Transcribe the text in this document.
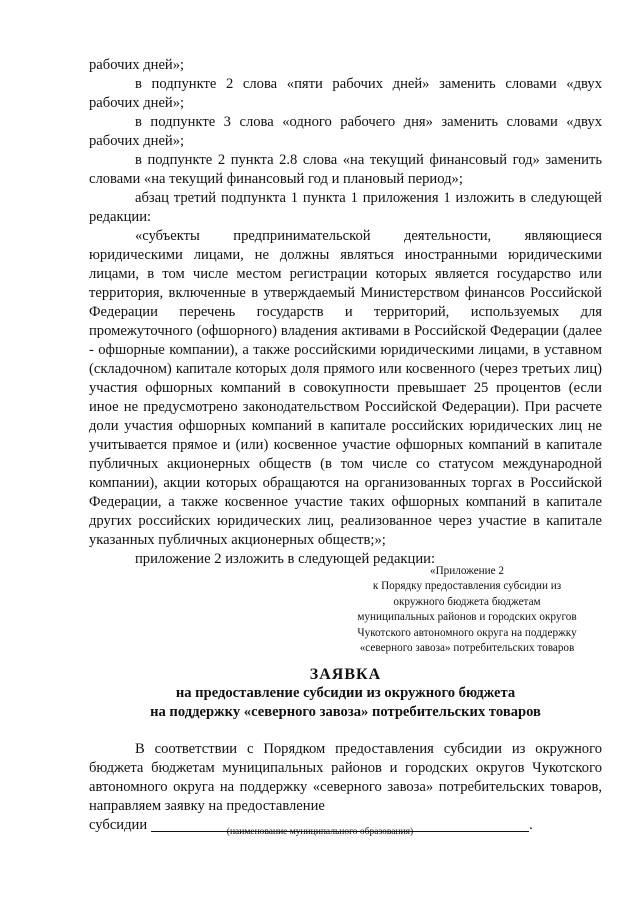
рабочих дней»;

в подпункте 2 слова «пяти рабочих дней» заменить словами «двух рабочих дней»;

в подпункте 3 слова «одного рабочего дня» заменить словами «двух рабочих дней»;

в подпункте 2 пункта 2.8 слова «на текущий финансовый год» заменить словами «на текущий финансовый год и плановый период»;

абзац третий подпункта 1 пункта 1 приложения 1 изложить в следующей редакции:

«субъекты предпринимательской деятельности, являющиеся юридическими лицами, не должны являться иностранными юридическими лицами, в том числе местом регистрации которых является государство или территория, включенные в утверждаемый Министерством финансов Российской Федерации перечень государств и территорий, используемых для промежуточного (офшорного) владения активами в Российской Федерации (далее - офшорные компании), а также российскими юридическими лицами, в уставном (складочном) капитале которых доля прямого или косвенного (через третьих лиц) участия офшорных компаний в совокупности превышает 25 процентов (если иное не предусмотрено законодательством Российской Федерации). При расчете доли участия офшорных компаний в капитале российских юридических лиц не учитывается прямое и (или) косвенное участие офшорных компаний в капитале публичных акционерных обществ (в том числе со статусом международной компании), акции которых обращаются на организованных торгах в Российской Федерации, а также косвенное участие таких офшорных компаний в капитале других российских юридических лиц, реализованное через участие в капитале указанных публичных акционерных обществ;»;

приложение 2 изложить в следующей редакции:

«Приложение 2

к Порядку предоставления субсидии из

окружного бюджета бюджетам

муниципальных районов и городских округов

Чукотского автономного округа на поддержку

«северного завоза» потребительских товаров

ЗАЯВКА

на предоставление субсидии из окружного бюджета

на поддержку «северного завоза» потребительских товаров

В соответствии с Порядком предоставления субсидии из окружного бюджета бюджетам муниципальных районов и городских округов Чукотского автономного округа на поддержку «северного завоза» потребительских товаров, направляем заявку на предоставление

субсидии	.
(наименование муниципального образования)
